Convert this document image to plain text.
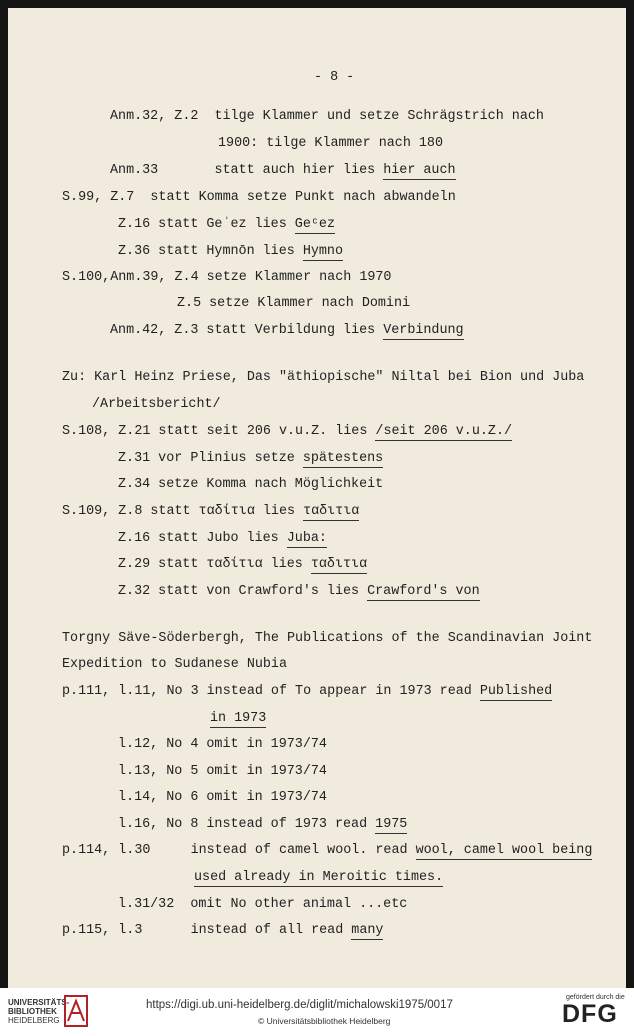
- 8 -
Anm.32, Z.2  tilge Klammer und setze Schrägstrich nach
1900: tilge Klammer nach 180
Anm.33       statt auch hier lies hier auch
S.99, Z.7  statt Komma setze Punkt nach abwandeln
Z.16 statt Geʾez lies Geᶜez
Z.36 statt Hymnōn lies Hymno
S.100,Anm.39, Z.4 setze Klammer nach 1970
Z.5 setze Klammer nach Domini
Anm.42, Z.3 statt Verbildung lies Verbindung
Zu: Karl Heinz Priese, Das "äthiopische" Niltal bei Bion und Juba
/Arbeitsbericht/
S.108, Z.21 statt seit 206 v.u.Z. lies /seit 206 v.u.Z./
Z.31 vor Plinius setze spätestens
Z.34 setze Komma nach Möglichkeit
S.109, Z.8 statt ταδίτια lies ταδιτια
Z.16 statt Jubo lies Juba:
Z.29 statt ταδίτια lies ταδιτια
Z.32 statt von Crawford's lies Crawford's von
Torgny Säve-Söderbergh, The Publications of the Scandinavian Joint
Expedition to Sudanese Nubia
p.111, l.11, No 3 instead of To appear in 1973 read Published
in 1973
l.12, No 4 omit in 1973/74
l.13, No 5 omit in 1973/74
l.14, No 6 omit in 1973/74
l.16, No 8 instead of 1973 read 1975
p.114, l.30     instead of camel wool. read wool, camel wool being
used already in Meroitic times.
l.31/32  omit No other animal ...etc
p.115, l.3      instead of all read many
UNIVERSITÄTS-
BIBLIOTHEK
HEIDELBERG
https://digi.ub.uni-heidelberg.de/diglit/michalowski1975/0017
© Universitätsbibliothek Heidelberg
gefördert durch die
DFG
